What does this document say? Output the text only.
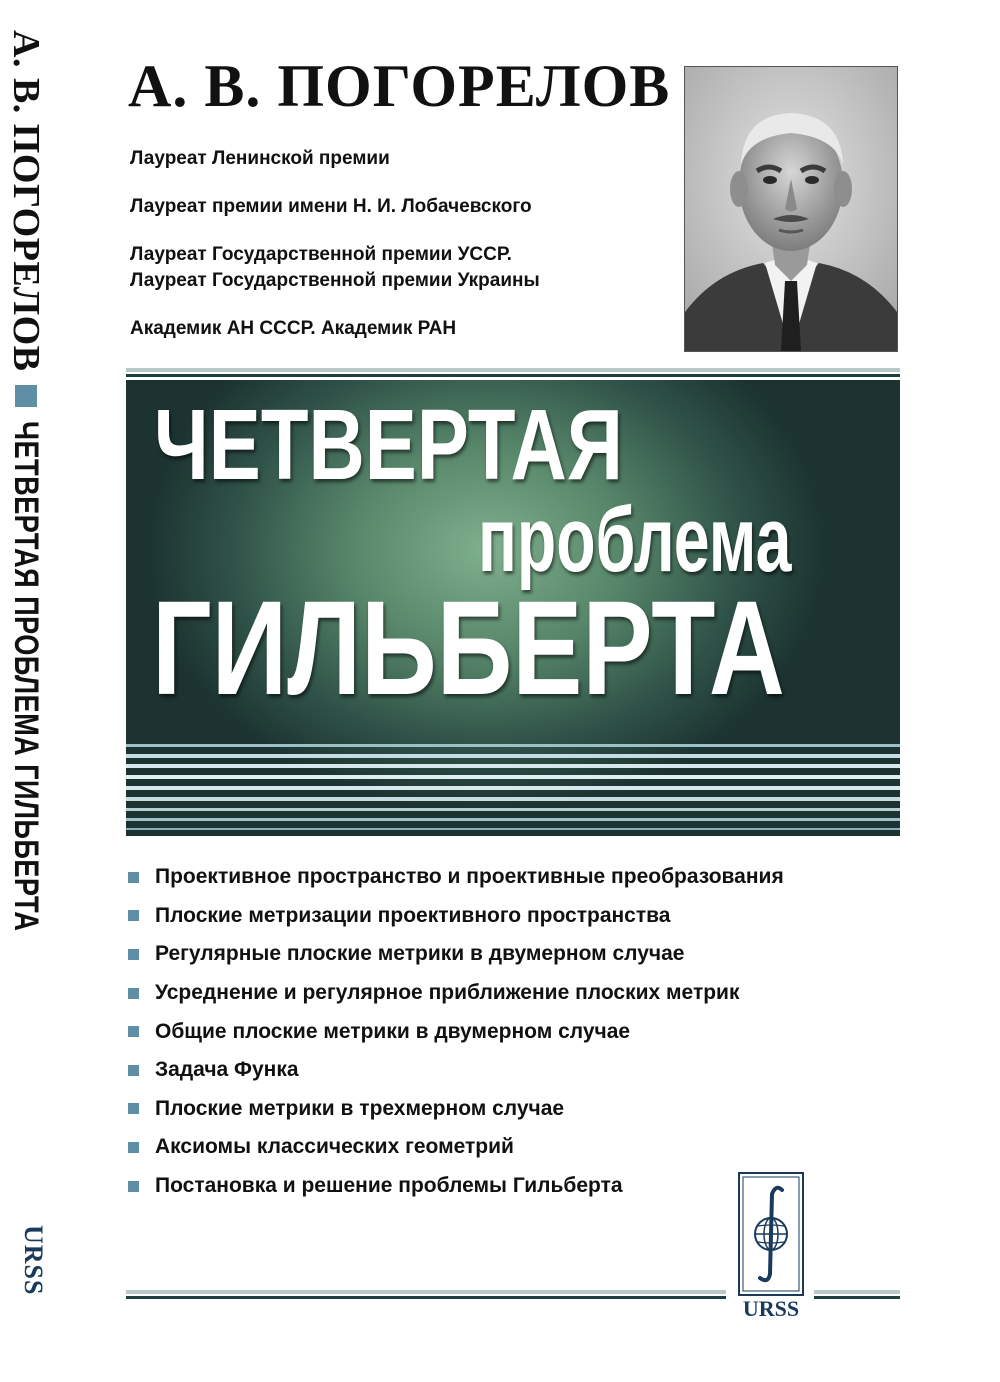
А. В. ПОГОРЕЛОВ
ЧЕТВЕРТАЯ ПРОБЛЕМА ГИЛЬБЕРТА
URSS
А. В. ПОГОРЕЛОВ
Лауреат Ленинской премии
Лауреат премии имени Н. И. Лобачевского
Лауреат Государственной премии УССР.
Лауреат Государственной премии Украины
Академик АН СССР. Академик РАН
ЧЕТВЕРТАЯ
проблема
ГИЛЬБЕРТА
Проективное пространство и проективные преобразования
Плоские метризации проективного пространства
Регулярные плоские метрики в двумерном случае
Усреднение и регулярное приближение плоских метрик
Общие плоские метрики в двумерном случае
Задача Функа
Плоские метрики в трехмерном случае
Аксиомы классических геометрий
Постановка и решение проблемы Гильберта
URSS
